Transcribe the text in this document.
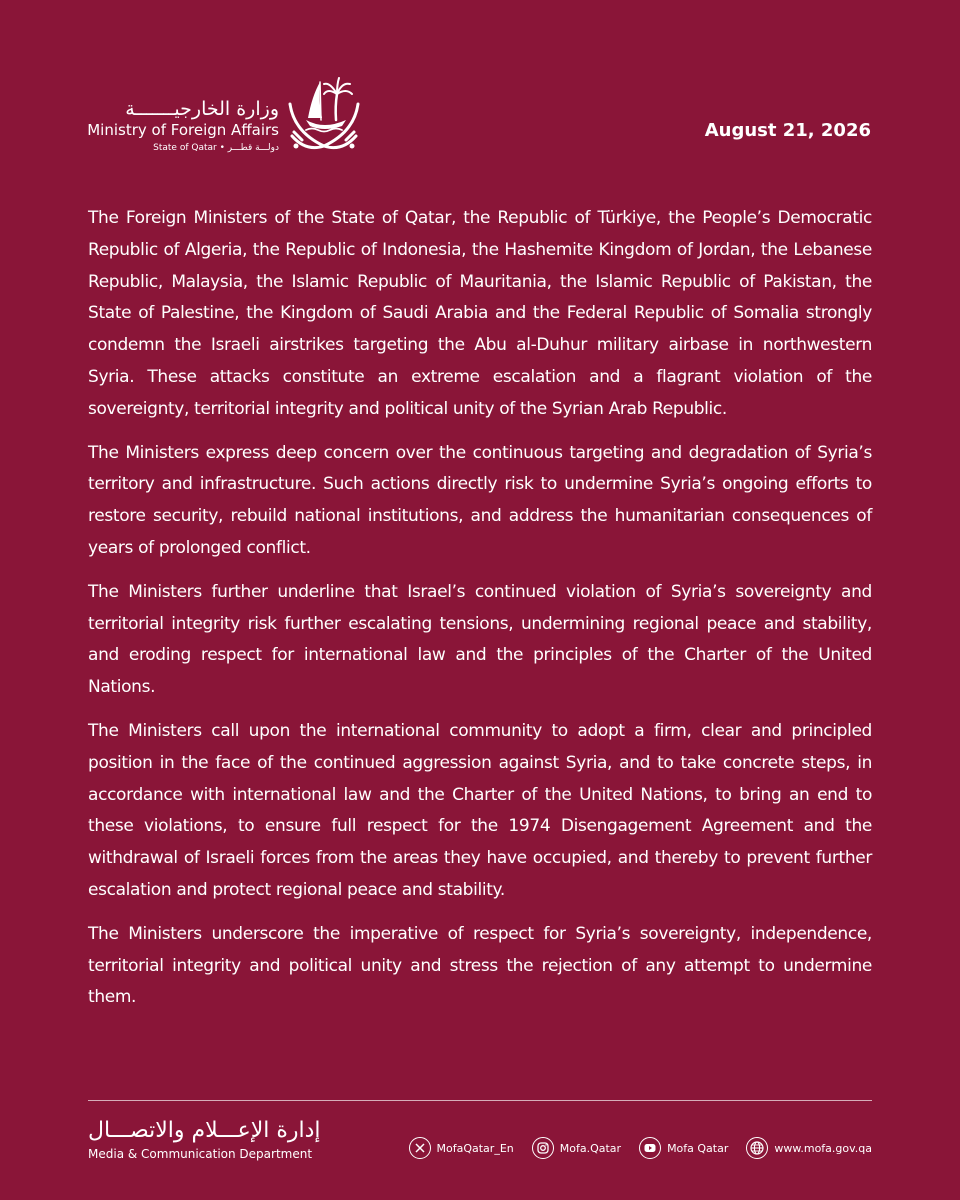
وزارة الخارجيـــــــة
Ministry of Foreign Affairs
State of Qatar • دولـــة قطـــر
August 21, 2026

The Foreign Ministers of the State of Qatar, the Republic of Türkiye, the People’s Democratic Republic of Algeria, the Republic of Indonesia, the Hashemite Kingdom of Jordan, the Lebanese Republic, Malaysia, the Islamic Republic of Mauritania, the Islamic Republic of Pakistan, the State of Palestine, the Kingdom of Saudi Arabia and the Federal Republic of Somalia strongly condemn the Israeli airstrikes targeting the Abu al-Duhur military airbase in northwestern Syria. These attacks constitute an extreme escalation and a flagrant violation of the sovereignty, territorial integrity and political unity of the Syrian Arab Republic.

The Ministers express deep concern over the continuous targeting and degradation of Syria’s territory and infrastructure. Such actions directly risk to undermine Syria’s ongoing efforts to restore security, rebuild national institutions, and address the humanitarian consequences of years of prolonged conflict.

The Ministers further underline that Israel’s continued violation of Syria’s sovereignty and territorial integrity risk further escalating tensions, undermining regional peace and stability, and eroding respect for international law and the principles of the Charter of the United Nations.

The Ministers call upon the international community to adopt a firm, clear and principled position in the face of the continued aggression against Syria, and to take concrete steps, in accordance with international law and the Charter of the United Nations, to bring an end to these violations, to ensure full respect for the 1974 Disengagement Agreement and the withdrawal of Israeli forces from the areas they have occupied, and thereby to prevent further escalation and protect regional peace and stability.

The Ministers underscore the imperative of respect for Syria’s sovereignty, independence, territorial integrity and political unity and stress the rejection of any attempt to undermine them.

إدارة الإعـــلام والاتصـــال
Media & Communication Department	MofaQatar_En	Mofa.Qatar	Mofa Qatar	www.mofa.gov.qa
